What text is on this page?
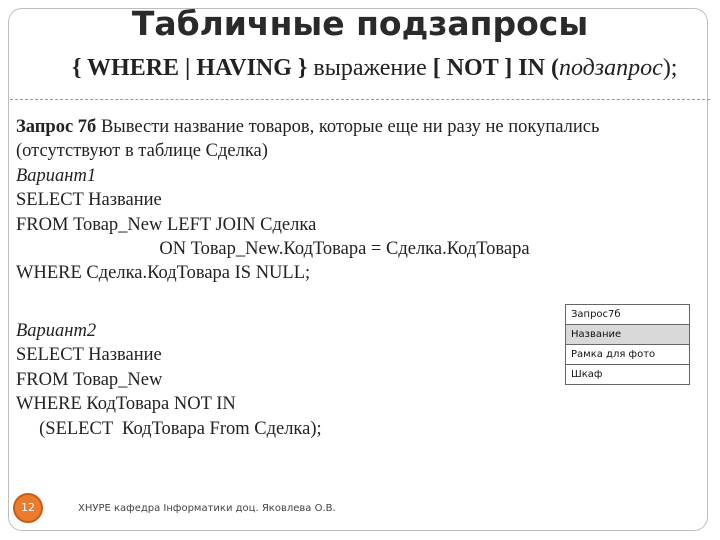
Табличные подзапросы
{ WHERE | HAVING } выражение [ NOT ] IN (подзапрос);
Запрос 7б Вывести название товаров, которые еще ни разу не покупались
(отсутствуют в таблице Сделка)
Вариант1
SELECT Название
FROM Товар_New LEFT JOIN Сделка
ON Товар_New.КодТовара = Сделка.КодТовара
WHERE Сделка.КодТовара IS NULL;
Вариант2
SELECT Название
FROM Товар_New
WHERE КодТовара NOT IN
(SELECT  КодТовара From Сделка);
Запрос7б
Название
Рамка для фото
Шкаф
12	ХНУРЕ кафедра Інформатики доц. Яковлева О.В.
